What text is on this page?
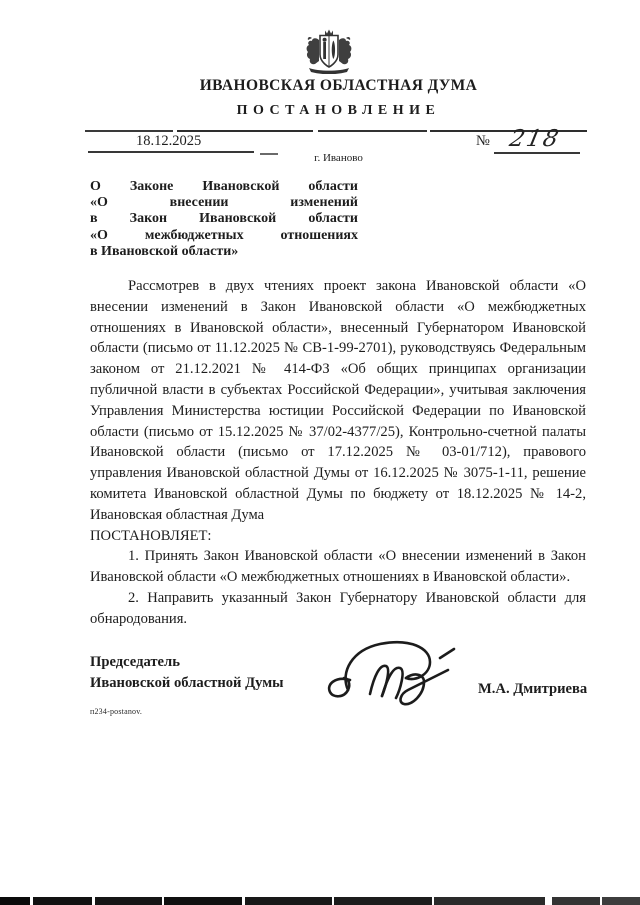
ИВАНОВСКАЯ ОБЛАСТНАЯ ДУМА
ПОСТАНОВЛЕНИЕ
18.12.2025	№ 218
г. Иваново
О Законе Ивановской области
«О внесении изменений
в Закон Ивановской области
«О межбюджетных отношениях
в Ивановской области»

Рассмотрев в двух чтениях проект закона Ивановской области «О внесении изменений в Закон Ивановской области «О межбюджетных отношениях в Ивановской области», внесенный Губернатором Ивановской области (письмо от 11.12.2025 № СВ-1-99-2701), руководствуясь Федеральным законом от 21.12.2021 № 414-ФЗ «Об общих принципах организации публичной власти в субъектах Российской Федерации», учитывая заключения Управления Министерства юстиции Российской Федерации по Ивановской области (письмо от 15.12.2025 № 37/02-4377/25), Контрольно-счетной палаты Ивановской области (письмо от 17.12.2025 № 03-01/712), правового управления Ивановской областной Думы от 16.12.2025 № 3075-1-11, решение комитета Ивановской областной Думы по бюджету от 18.12.2025 № 14-2, Ивановская областная Дума

ПОСТАНОВЛЯЕТ:

1. Принять Закон Ивановской области «О внесении изменений в Закон Ивановской области «О межбюджетных отношениях в Ивановской области».

2. Направить указанный Закон Губернатору Ивановской области для обнародования.

Председатель
Ивановской областной Думы	М.А. Дмитриева
п234-postanov.
